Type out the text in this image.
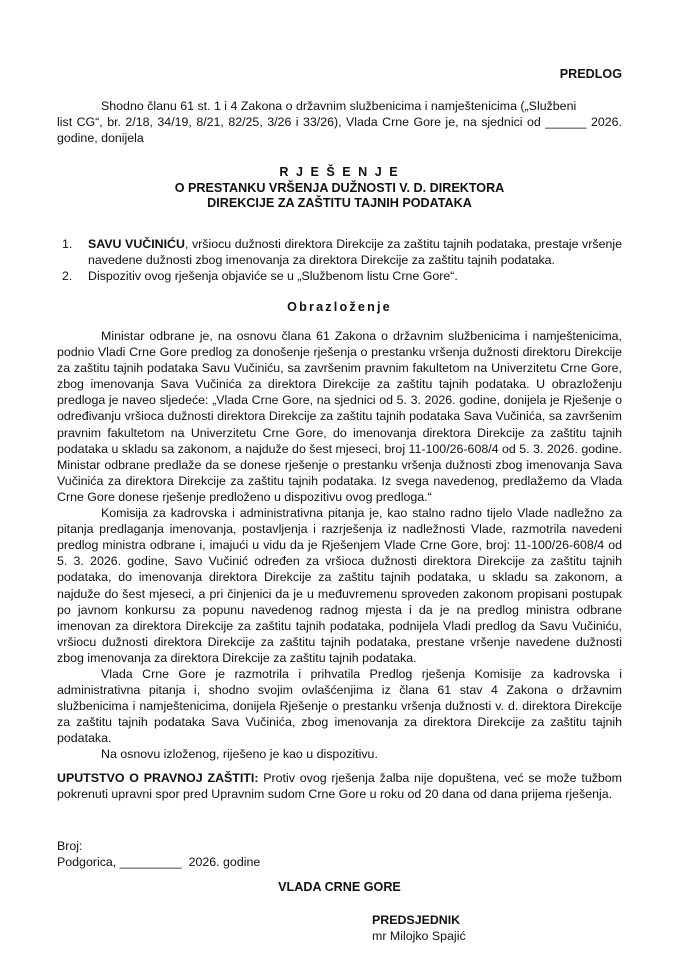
PREDLOG

Shodno članu 61 st. 1 i 4 Zakona o državnim službenicima i namještenicima („Službeni

list CG“, br. 2/18, 34/19, 8/21, 82/25, 3/26 i 33/26), Vlada Crne Gore je, na sjednici od ______ 2026. godine, donijela

R J E Š E N J E
O PRESTANKU VRŠENJA DUŽNOSTI V. D. DIREKTORA
DIREKCIJE ZA ZAŠTITU TAJNIH PODATAKA
1.	SAVU VUČINIĆU, vršiocu dužnosti direktora Direkcije za zaštitu tajnih podataka, prestaje vršenje navedene dužnosti zbog imenovanja za direktora Direkcije za zaštitu tajnih podataka.
2.	Dispozitiv ovog rješenja objaviće se u „Službenom listu Crne Gore“.
Obrazloženje

Ministar odbrane je, na osnovu člana 61 Zakona o državnim službenicima i namještenicima, podnio Vladi Crne Gore predlog za donošenje rješenja o prestanku vršenja dužnosti direktoru Direkcije za zaštitu tajnih podataka Savu Vučiniću, sa završenim pravnim fakultetom na Univerzitetu Crne Gore, zbog imenovanja Sava Vučinića za direktora Direkcije za zaštitu tajnih podataka. U obrazloženju predloga je naveo sljedeće: „Vlada Crne Gore, na sjednici od 5. 3. 2026. godine, donijela je Rješenje o određivanju vršioca dužnosti direktora Direkcije za zaštitu tajnih podataka Sava Vučinića, sa završenim pravnim fakultetom na Univerzitetu Crne Gore, do imenovanja direktora Direkcije za zaštitu tajnih podataka u skladu sa zakonom, a najduže do šest mjeseci, broj 11-100/26-608/4 od 5. 3. 2026. godine. Ministar odbrane predlaže da se donese rješenje o prestanku vršenja dužnosti zbog imenovanja Sava Vučinića za direktora Direkcije za zaštitu tajnih podataka. Iz svega navedenog, predlažemo da Vlada Crne Gore donese rješenje predloženo u dispozitivu ovog predloga.“

Komisija za kadrovska i administrativna pitanja je, kao stalno radno tijelo Vlade nadležno za pitanja predlaganja imenovanja, postavljenja i razrješenja iz nadležnosti Vlade, razmotrila navedeni predlog ministra odbrane i, imajući u vidu da je Rješenjem Vlade Crne Gore, broj: 11-100/26-608/4 od 5. 3. 2026. godine, Savo Vučinić određen za vršioca dužnosti direktora Direkcije za zaštitu tajnih podataka, do imenovanja direktora Direkcije za zaštitu tajnih podataka, u skladu sa zakonom, a najduže do šest mjeseci, a pri činjenici da je u međuvremenu sproveden zakonom propisani postupak po javnom konkursu za popunu navedenog radnog mjesta i da je na predlog ministra odbrane imenovan za direktora Direkcije za zaštitu tajnih podataka, podnijela Vladi predlog da Savu Vučiniću, vršiocu dužnosti direktora Direkcije za zaštitu tajnih podataka, prestane vršenje navedene dužnosti zbog imenovanja za direktora Direkcije za zaštitu tajnih podataka.

Vlada Crne Gore je razmotrila i prihvatila Predlog rješenja Komisije za kadrovska i administrativna pitanja i, shodno svojim ovlašćenjima iz člana 61 stav 4 Zakona o državnim službenicima i namještenicima, donijela Rješenje o prestanku vršenja dužnosti v. d. direktora Direkcije za zaštitu tajnih podataka Sava Vučinića, zbog imenovanja za direktora Direkcije za zaštitu tajnih podataka.

Na osnovu izloženog, riješeno je kao u dispozitivu.

UPUTSTVO O PRAVNOJ ZAŠTITI: Protiv ovog rješenja žalba nije dopuštena, već se može tužbom pokrenuti upravni spor pred Upravnim sudom Crne Gore u roku od 20 dana od dana prijema rješenja.

Broj:
Podgorica, _________  2026. godine
VLADA CRNE GORE
PREDSJEDNIK
mr Milojko Spajić
